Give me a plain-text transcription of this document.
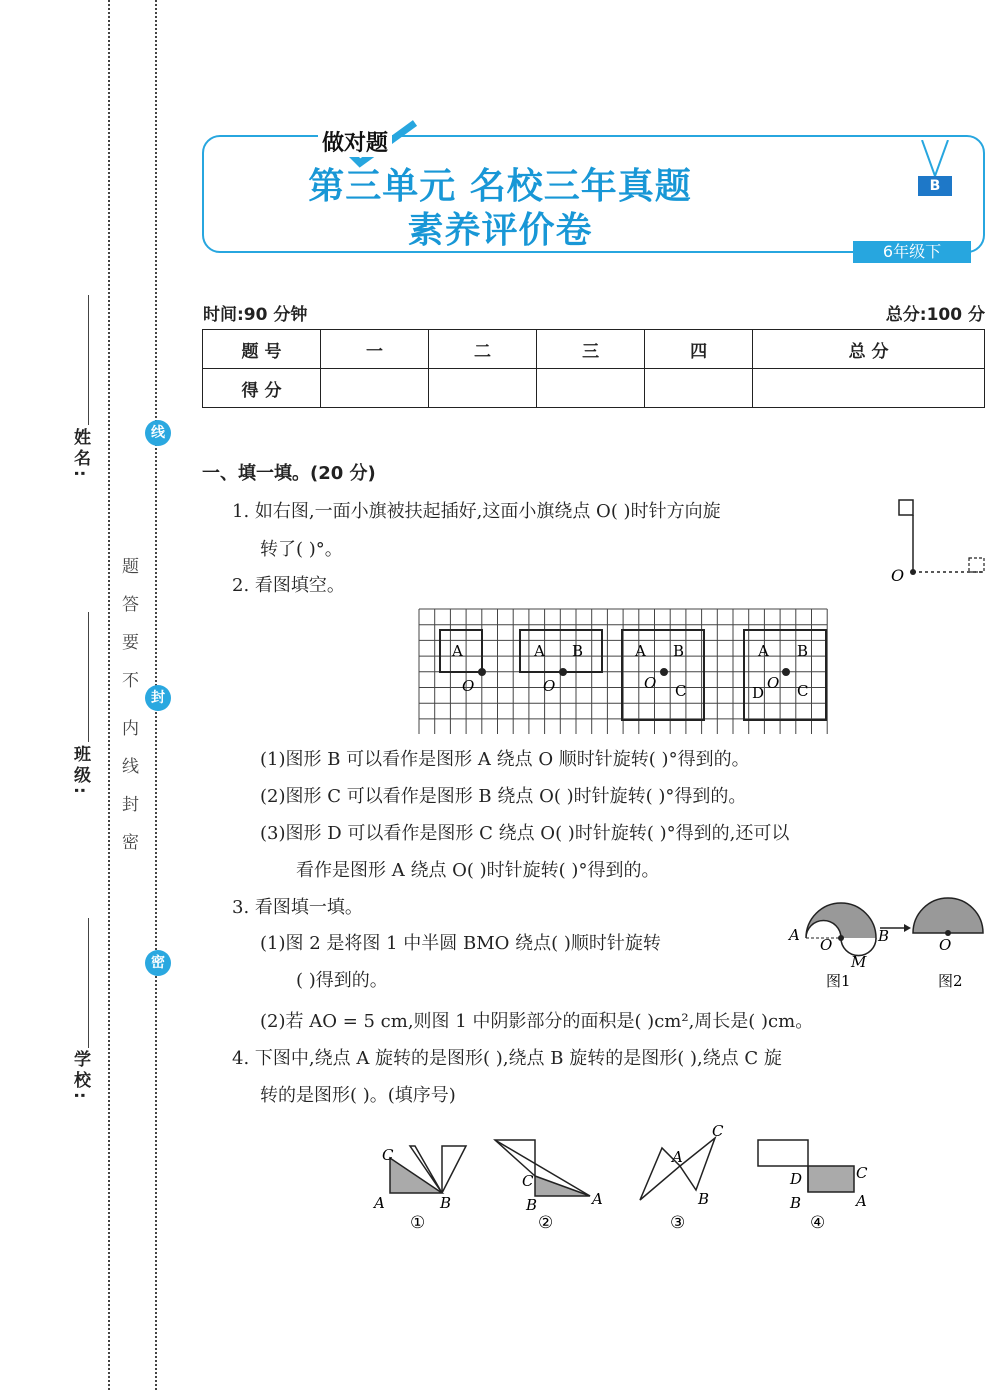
姓名:
班级:
学校:
线
封
密
密
封
线
内
不
要
答
题
做对题
第三单元 名校三年真题
素养评价卷
B
6年级下
时间:90 分钟	总分:100 分
题 号	一	二	三	四	总 分
得 分					
一、填一填。(20 分)
1. 如右图,一面小旗被扶起插好,这面小旗绕点 O( )时针方向旋
转了( )°。
O
2. 看图填空。
A
O
A B
O
A B
O C
A B
D
O C
(1)图形 B 可以看作是图形 A 绕点 O 顺时针旋转( )°得到的。
(2)图形 C 可以看作是图形 B 绕点 O( )时针旋转( )°得到的。
(3)图形 D 可以看作是图形 C 绕点 O( )时针旋转( )°得到的,还可以
看作是图形 A 绕点 O( )时针旋转( )°得到的。
3. 看图填一填。
(1)图 2 是将图 1 中半圆 BMO 绕点( )顺时针旋转
( )得到的。
A
O	B
M
图1
O
图2
(2)若 AO = 5 cm,则图 1 中阴影部分的面积是( )cm²,周长是( )cm。
4. 下图中,绕点 A 旋转的是图形( ),绕点 B 旋转的是图形( ),绕点 C 旋
转的是图形( )。(填序号)
C
A	B
①
C
B	A
②
A
C
B
③
D
B
C
A
④
